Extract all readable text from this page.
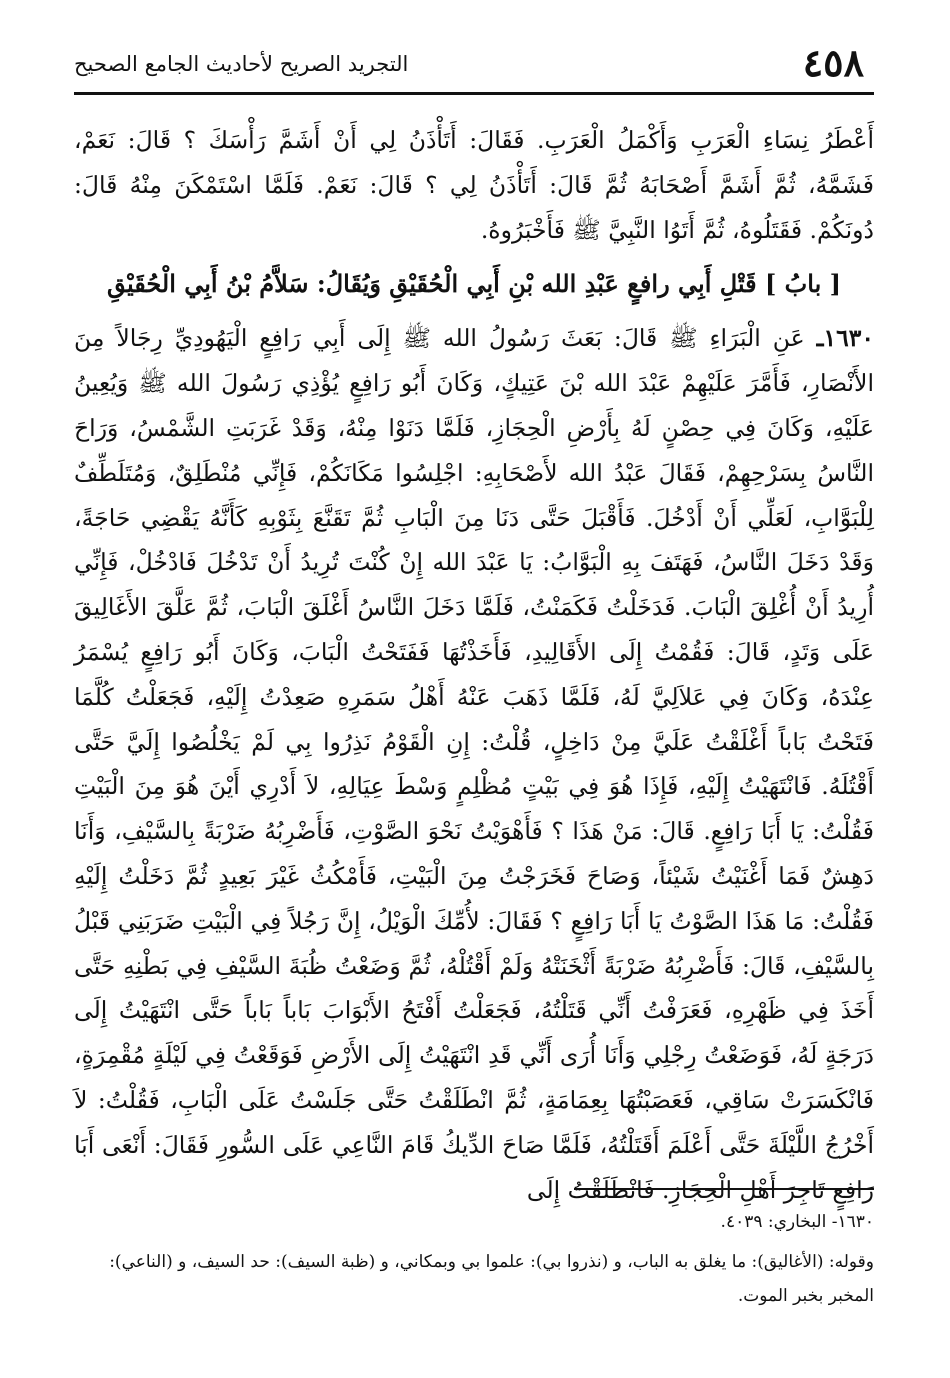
٤٥٨
التجريد الصريح لأحاديث الجامع الصحيح

أَعْطَرُ نِسَاءِ الْعَرَبِ وَأَكْمَلُ الْعَرَبِ. فَقَالَ: أَتَأْذَنُ لِي أَنْ أَشَمَّ رَأْسَكَ ؟ قَالَ: نَعَمْ، فَشَمَّهُ، ثُمَّ أَشَمَّ أَصْحَابَهُ ثُمَّ قَالَ: أَتَأْذَنُ لِي ؟ قَالَ: نَعَمْ. فَلَمَّا اسْتَمْكَنَ مِنْهُ قَالَ: دُونَكُمْ. فَقَتَلُوهُ، ثُمَّ أَتَوُا النَّبِيَّ ﷺ فَأَخْبَرُوهُ.

[ بابُ ] قَتْلِ أَبِي رافعٍ عَبْدِ الله بْنِ أَبِي الْحُقَيْقِ وَيُقَالُ: سَلاَّمُ بْنُ أَبِي الْحُقَيْقِ

١٦٣٠ـ عَنِ الْبَرَاءِ ﷺ قَالَ: بَعَثَ رَسُولُ الله ﷺ إِلَى أَبِي رَافِعٍ الْيَهُودِيِّ رِجَالاً مِنَ الأَنْصَارِ، فَأَمَّرَ عَلَيْهِمْ عَبْدَ الله بْنَ عَتِيكٍ، وَكَانَ أَبُو رَافِعٍ يُؤْذِي رَسُولَ الله ﷺ وَيُعِينُ عَلَيْهِ، وَكَانَ فِي حِصْنٍ لَهُ بِأَرْضِ الْحِجَازِ، فَلَمَّا دَنَوْا مِنْهُ، وَقَدْ غَرَبَتِ الشَّمْسُ، وَرَاحَ النَّاسُ بِسَرْحِهِمْ، فَقَالَ عَبْدُ الله لأَصْحَابِهِ: اجْلِسُوا مَكَانَكُمْ، فَإِنِّي مُنْطَلِقٌ، وَمُتَلَطِّفٌ لِلْبَوَّابِ، لَعَلِّي أَنْ أَدْخُلَ. فَأَقْبَلَ حَتَّى دَنَا مِنَ الْبَابِ ثُمَّ تَقَنَّعَ بِثَوْبِهِ كَأَنَّهُ يَقْضِي حَاجَةً، وَقَدْ دَخَلَ النَّاسُ، فَهَتَفَ بِهِ الْبَوَّابُ: يَا عَبْدَ الله إِنْ كُنْتَ تُرِيدُ أَنْ تَدْخُلَ فَادْخُلْ، فَإِنِّي أُرِيدُ أَنْ أُغْلِقَ الْبَابَ. فَدَخَلْتُ فَكَمَنْتُ، فَلَمَّا دَخَلَ النَّاسُ أَغْلَقَ الْبَابَ، ثُمَّ عَلَّقَ الأَغَالِيقَ عَلَى وَتَدٍ، قَالَ: فَقُمْتُ إِلَى الأَقَالِيدِ، فَأَخَذْتُهَا فَفَتَحْتُ الْبَابَ، وَكَانَ أَبُو رَافِعٍ يُسْمَرُ عِنْدَهُ، وَكَانَ فِي عَلاَلِيَّ لَهُ، فَلَمَّا ذَهَبَ عَنْهُ أَهْلُ سَمَرِهِ صَعِدْتُ إِلَيْهِ، فَجَعَلْتُ كُلَّمَا فَتَحْتُ بَاباً أَغْلَقْتُ عَلَيَّ مِنْ دَاخِلٍ، قُلْتُ: إِنِ الْقَوْمُ نَذِرُوا بِي لَمْ يَخْلُصُوا إِلَيَّ حَتَّى أَقْتُلَهُ. فَانْتَهَيْتُ إِلَيْهِ، فَإِذَا هُوَ فِي بَيْتٍ مُظْلِمٍ وَسْطَ عِيَالِهِ، لاَ أَدْرِي أَيْنَ هُوَ مِنَ الْبَيْتِ فَقُلْتُ: يَا أَبَا رَافِعٍ. قَالَ: مَنْ هَذَا ؟ فَأَهْوَيْتُ نَحْوَ الصَّوْتِ، فَأَضْرِبُهُ ضَرْبَةً بِالسَّيْفِ، وَأَنَا دَهِشٌ فَمَا أَغْنَيْتُ شَيْئاً، وَصَاحَ فَخَرَجْتُ مِنَ الْبَيْتِ، فَأَمْكُثُ غَيْرَ بَعِيدٍ ثُمَّ دَخَلْتُ إِلَيْهِ فَقُلْتُ: مَا هَذَا الصَّوْتُ يَا أَبَا رَافِعٍ ؟ فَقَالَ: لأُمِّكَ الْوَيْلُ، إِنَّ رَجُلاً فِي الْبَيْتِ ضَرَبَنِي قَبْلُ بِالسَّيْفِ، قَالَ: فَأَضْرِبُهُ ضَرْبَةً أَثْخَنَتْهُ وَلَمْ أَقْتُلْهُ، ثُمَّ وَضَعْتُ ظُبَةَ السَّيْفِ فِي بَطْنِهِ حَتَّى أَخَذَ فِي ظَهْرِهِ، فَعَرَفْتُ أَنِّي قَتَلْتُهُ، فَجَعَلْتُ أَفْتَحُ الأَبْوَابَ بَاباً بَاباً حَتَّى انْتَهَيْتُ إِلَى دَرَجَةٍ لَهُ، فَوَضَعْتُ رِجْلِي وَأَنَا أُرَى أَنِّي قَدِ انْتَهَيْتُ إِلَى الأَرْضِ فَوَقَعْتُ فِي لَيْلَةٍ مُقْمِرَةٍ، فَانْكَسَرَتْ سَاقِي، فَعَصَبْتُهَا بِعِمَامَةٍ، ثُمَّ انْطَلَقْتُ حَتَّى جَلَسْتُ عَلَى الْبَابِ، فَقُلْتُ: لاَ أَخْرُجُ اللَّيْلَةَ حَتَّى أَعْلَمَ أَقَتَلْتُهُ، فَلَمَّا صَاحَ الدِّيكُ قَامَ النَّاعِي عَلَى السُّورِ فَقَالَ: أَنْعَى أَبَا رَافِعٍ تَاجِرَ أَهْلِ الْحِجَازِ. فَانْطَلَقْتُ إِلَى

١٦٣٠- البخاري: ٤٠٣٩.

وقوله: (الأغاليق): ما يغلق به الباب، و (نذروا بي): علموا بي وبمكاني، و (ظبة السيف): حد السيف، و (الناعي): المخبر بخبر الموت.
